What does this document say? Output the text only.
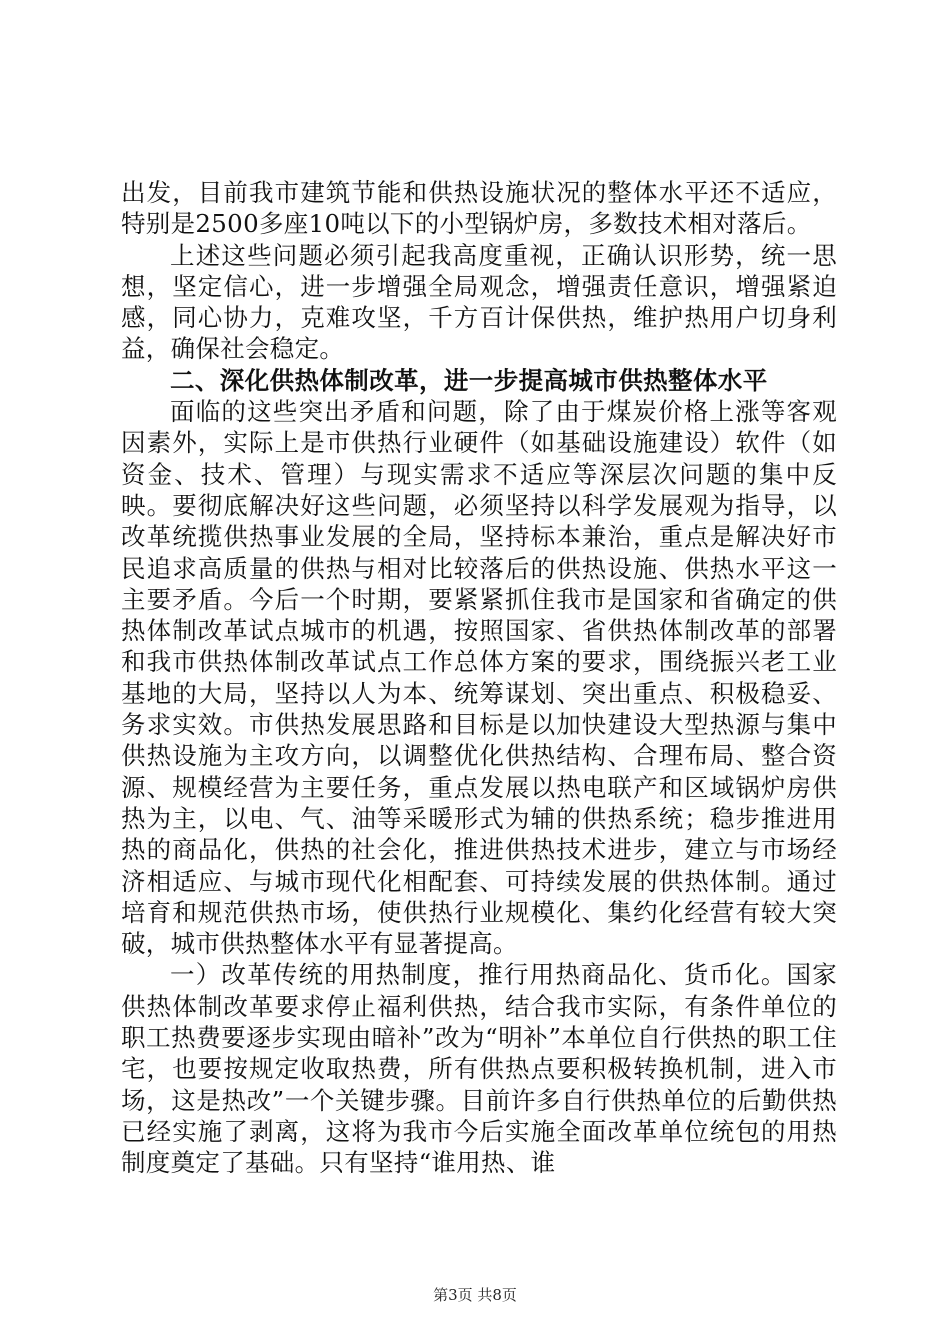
出发，目前我市建筑节能和供热设施状况的整体水平还不适应，特别是2500多座10吨以下的小型锅炉房，多数技术相对落后。

上述这些问题必须引起我高度重视，正确认识形势，统一思想，坚定信心，进一步增强全局观念，增强责任意识，增强紧迫感，同心协力，克难攻坚，千方百计保供热，维护热用户切身利益，确保社会稳定。

二、深化供热体制改革，进一步提高城市供热整体水平

面临的这些突出矛盾和问题，除了由于煤炭价格上涨等客观因素外，实际上是市供热行业硬件（如基础设施建设）软件（如资金、技术、管理）与现实需求不适应等深层次问题的集中反映。要彻底解决好这些问题，必须坚持以科学发展观为指导，以改革统揽供热事业发展的全局，坚持标本兼治，重点是解决好市民追求高质量的供热与相对比较落后的供热设施、供热水平这一主要矛盾。今后一个时期，要紧紧抓住我市是国家和省确定的供热体制改革试点城市的机遇，按照国家、省供热体制改革的部署和我市供热体制改革试点工作总体方案的要求，围绕振兴老工业基地的大局，坚持以人为本、统筹谋划、突出重点、积极稳妥、务求实效。市供热发展思路和目标是以加快建设大型热源与集中供热设施为主攻方向，以调整优化供热结构、合理布局、整合资源、规模经营为主要任务，重点发展以热电联产和区域锅炉房供热为主，以电、气、油等采暖形式为辅的供热系统；稳步推进用热的商品化，供热的社会化，推进供热技术进步，建立与市场经济相适应、与城市现代化相配套、可持续发展的供热体制。通过培育和规范供热市场，使供热行业规模化、集约化经营有较大突破，城市供热整体水平有显著提高。

一）改革传统的用热制度，推行用热商品化、货币化。国家供热体制改革要求停止福利供热，结合我市实际，有条件单位的职工热费要逐步实现由暗补”改为“明补”本单位自行供热的职工住宅，也要按规定收取热费，所有供热点要积极转换机制，进入市场，这是热改”一个关键步骤。目前许多自行供热单位的后勤供热已经实施了剥离，这将为我市今后实施全面改革单位统包的用热制度奠定了基础。只有坚持“谁用热、谁

第3页 共8页
